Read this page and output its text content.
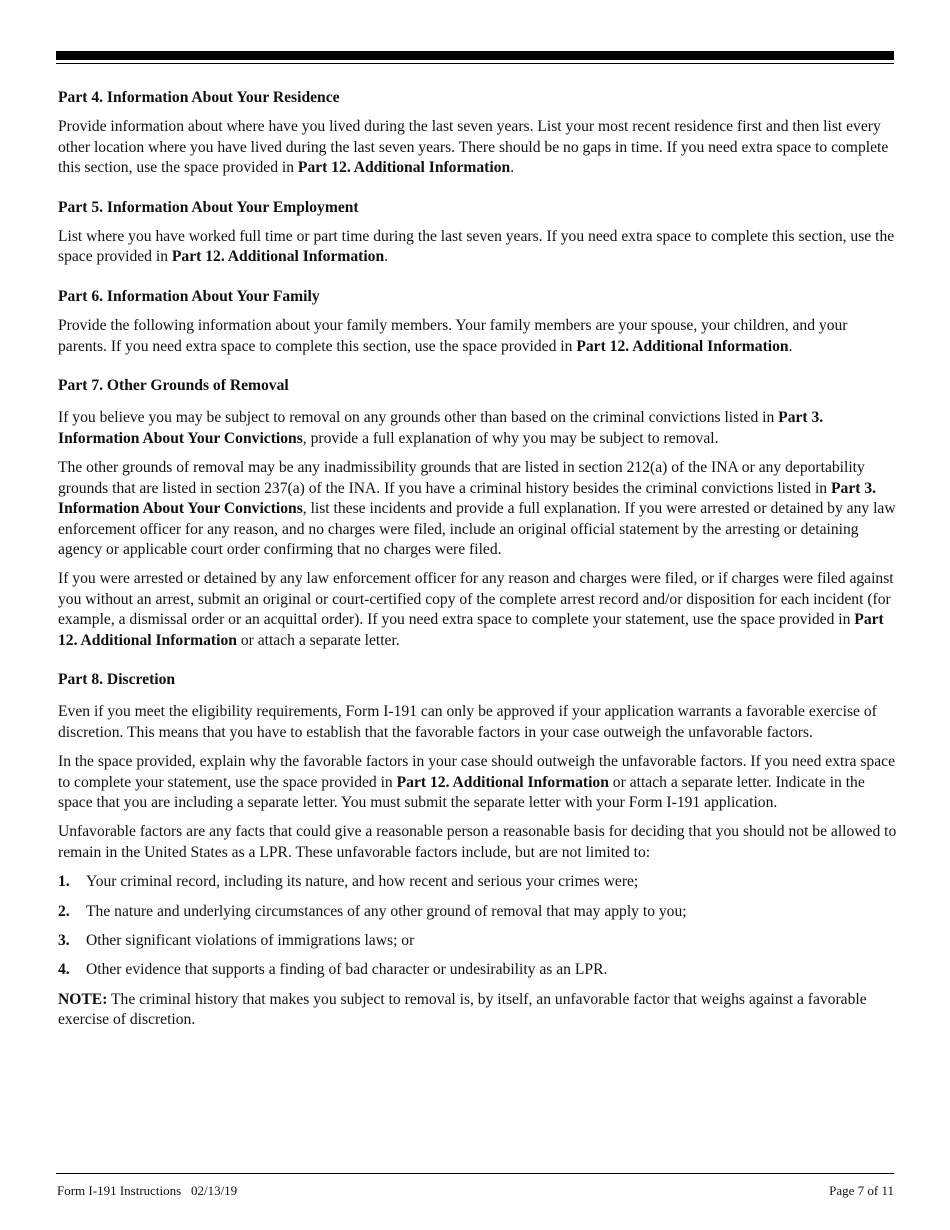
Part 4. Information About Your Residence

Provide information about where have you lived during the last seven years. List your most recent residence first and then list every other location where you have lived during the last seven years. There should be no gaps in time. If you need extra space to complete this section, use the space provided in Part 12. Additional Information.

Part 5. Information About Your Employment

List where you have worked full time or part time during the last seven years. If you need extra space to complete this section, use the space provided in Part 12. Additional Information.

Part 6. Information About Your Family

Provide the following information about your family members. Your family members are your spouse, your children, and your parents. If you need extra space to complete this section, use the space provided in Part 12. Additional Information.

Part 7. Other Grounds of Removal

If you believe you may be subject to removal on any grounds other than based on the criminal convictions listed in Part 3. Information About Your Convictions, provide a full explanation of why you may be subject to removal.

The other grounds of removal may be any inadmissibility grounds that are listed in section 212(a) of the INA or any deportability grounds that are listed in section 237(a) of the INA. If you have a criminal history besides the criminal convictions listed in Part 3. Information About Your Convictions, list these incidents and provide a full explanation. If you were arrested or detained by any law enforcement officer for any reason, and no charges were filed, include an original official statement by the arresting or detaining agency or applicable court order confirming that no charges were filed.

If you were arrested or detained by any law enforcement officer for any reason and charges were filed, or if charges were filed against you without an arrest, submit an original or court-certified copy of the complete arrest record and/or disposition for each incident (for example, a dismissal order or an acquittal order). If you need extra space to complete your statement, use the space provided in Part 12. Additional Information or attach a separate letter.

Part 8. Discretion

Even if you meet the eligibility requirements, Form I-191 can only be approved if your application warrants a favorable exercise of discretion. This means that you have to establish that the favorable factors in your case outweigh the unfavorable factors.

In the space provided, explain why the favorable factors in your case should outweigh the unfavorable factors. If you need extra space to complete your statement, use the space provided in Part 12. Additional Information or attach a separate letter. Indicate in the space that you are including a separate letter. You must submit the separate letter with your Form I-191 application.

Unfavorable factors are any facts that could give a reasonable person a reasonable basis for deciding that you should not be allowed to remain in the United States as a LPR. These unfavorable factors include, but are not limited to:

1.	Your criminal record, including its nature, and how recent and serious your crimes were;
2.	The nature and underlying circumstances of any other ground of removal that may apply to you;
3.	Other significant violations of immigrations laws; or
4.	Other evidence that supports a finding of bad character or undesirability as an LPR.

NOTE: The criminal history that makes you subject to removal is, by itself, an unfavorable factor that weighs against a favorable exercise of discretion.

Form I-191 Instructions   02/13/19	Page 7 of 11
